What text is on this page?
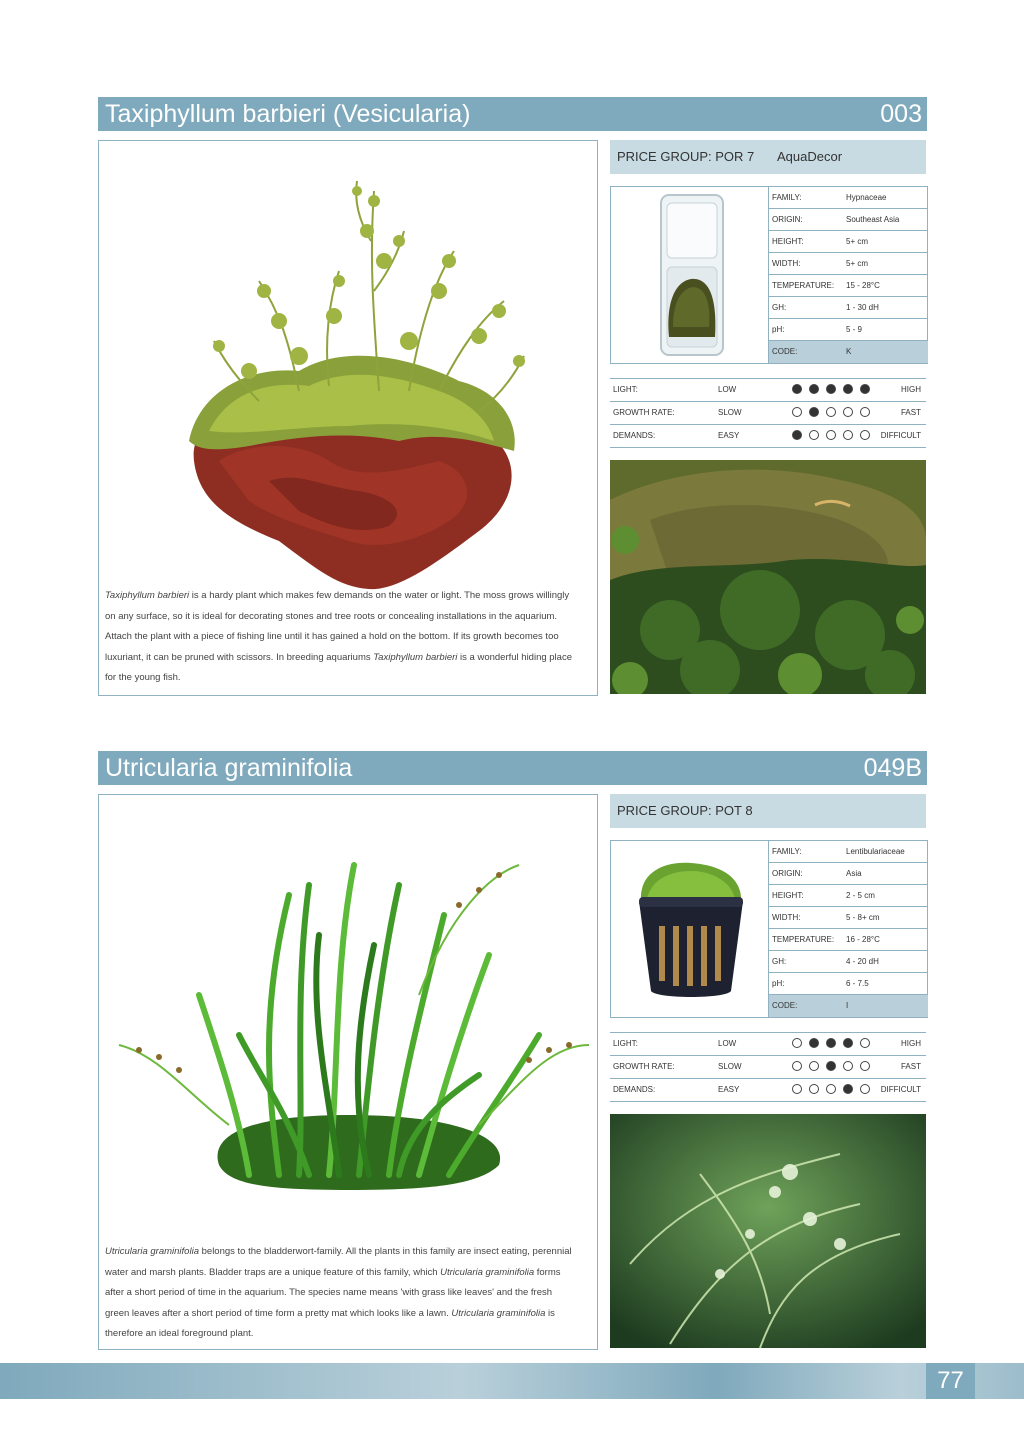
Taxiphyllum barbieri (Vesicularia)	003

Taxiphyllum barbieri is a hardy plant which makes few demands on the water or light. The moss grows willingly on any surface, so it is ideal for decorating stones and tree roots or concealing installations in the aquarium. Attach the plant with a piece of fishing line until it has gained a hold on the bottom. If its growth becomes too luxuriant, it can be pruned with scissors. In breeding aquariums Taxiphyllum barbieri is a wonderful hiding place for the young fish.

PRICE GROUP: POR 7 AquaDecor
FAMILY:	Hypnaceae
ORIGIN:	Southeast Asia
HEIGHT:	5+ cm
WIDTH:	5+ cm
TEMPERATURE: 15 - 28°C
GH:	1 - 30 dH
pH:	5 - 9
CODE:	K
LIGHT:	LOW	HIGH
GROWTH RATE:	SLOW	FAST
DEMANDS:	EASY	DIFFICULT
Utricularia graminifolia	049B

Utricularia graminifolia belongs to the bladderwort-family. All the plants in this family are insect eating, perennial water and marsh plants. Bladder traps are a unique feature of this family, which Utricularia graminifolia forms after a short period of time in the aquarium. The species name means 'with grass like leaves' and the fresh green leaves after a short period of time form a pretty mat which looks like a lawn. Utricularia graminifolia is therefore an ideal foreground plant.

PRICE GROUP: POT 8
FAMILY:	Lentibulariaceae
ORIGIN:	Asia
HEIGHT:	2 - 5 cm
WIDTH:	5 - 8+ cm
TEMPERATURE: 16 - 28°C
GH:	4 - 20 dH
pH:	6 - 7.5
CODE:	I
LIGHT:	LOW	HIGH
GROWTH RATE:	SLOW	FAST
DEMANDS:	EASY	DIFFICULT
77
